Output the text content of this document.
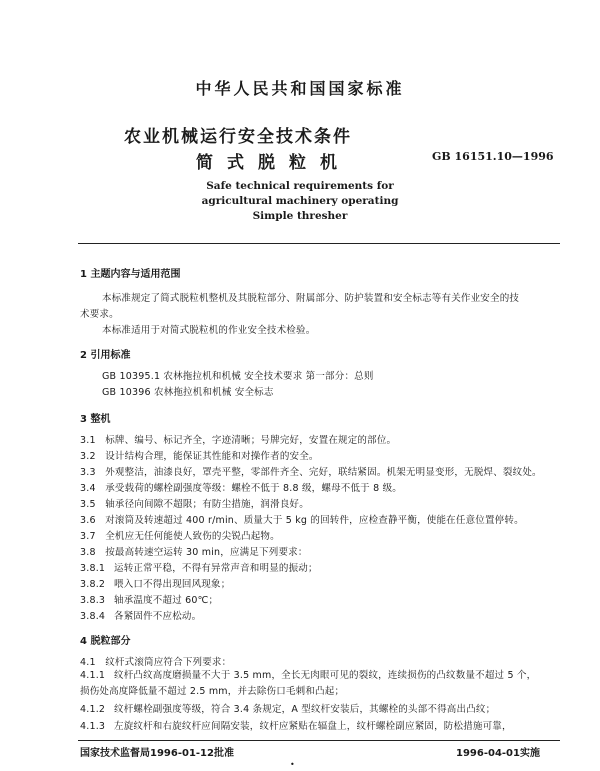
中华人民共和国国家标准
农业机械运行安全技术条件
简式脱粒机	GB 16151.10—1996
Safe technical requirements for
agricultural machinery operating
Simple thresher
1 主题内容与适用范围
本标准规定了简式脱粒机整机及其脱粒部分、附属部分、防护装置和安全标志等有关作业安全的技
术要求。
本标准适用于对简式脱粒机的作业安全技术检验。
2 引用标准
GB 10395.1 农林拖拉机和机械 安全技术要求 第一部分：总则
GB 10396 农林拖拉机和机械 安全标志
3 整机
3.1 标牌、编号、标记齐全，字迹清晰；号牌完好，安置在规定的部位。
3.2 设计结构合理，能保证其性能和对操作者的安全。
3.3 外观整洁，油漆良好，罩壳平整，零部件齐全、完好，联结紧固。机架无明显变形，无脱焊、裂纹处。
3.4 承受载荷的螺栓副强度等级：螺栓不低于 8.8 级，螺母不低于 8 级。
3.5 轴承径向间隙不超限；有防尘措施，润滑良好。
3.6 对滚筒及转速超过 400 r/min、质量大于 5 kg 的回转件，应检查静平衡，使能在任意位置停转。
3.7 全机应无任何能使人致伤的尖锐凸起物。
3.8 按最高转速空运转 30 min，应满足下列要求：
3.8.1 运转正常平稳，不得有异常声音和明显的振动；
3.8.2 喂入口不得出现回风现象；
3.8.3 轴承温度不超过 60℃；
3.8.4 各紧固件不应松动。
4 脱粒部分
4.1 纹杆式滚筒应符合下列要求：
4.1.1 纹杆凸纹高度磨损量不大于 3.5 mm，全长无肉眼可见的裂纹，连续损伤的凸纹数量不超过 5 个，损伤处高度降低量不超过 2.5 mm，并去除伤口毛刺和凸起；
4.1.2 纹杆螺栓副强度等级，符合 3.4 条规定，A 型纹杆安装后，其螺栓的头部不得高出凸纹；
4.1.3 左旋纹杆和右旋纹杆应间隔安装，纹杆应紧贴在辐盘上，纹杆螺栓副应紧固，防松措施可靠，
国家技术监督局1996-01-12批准	1996-04-01实施
•
